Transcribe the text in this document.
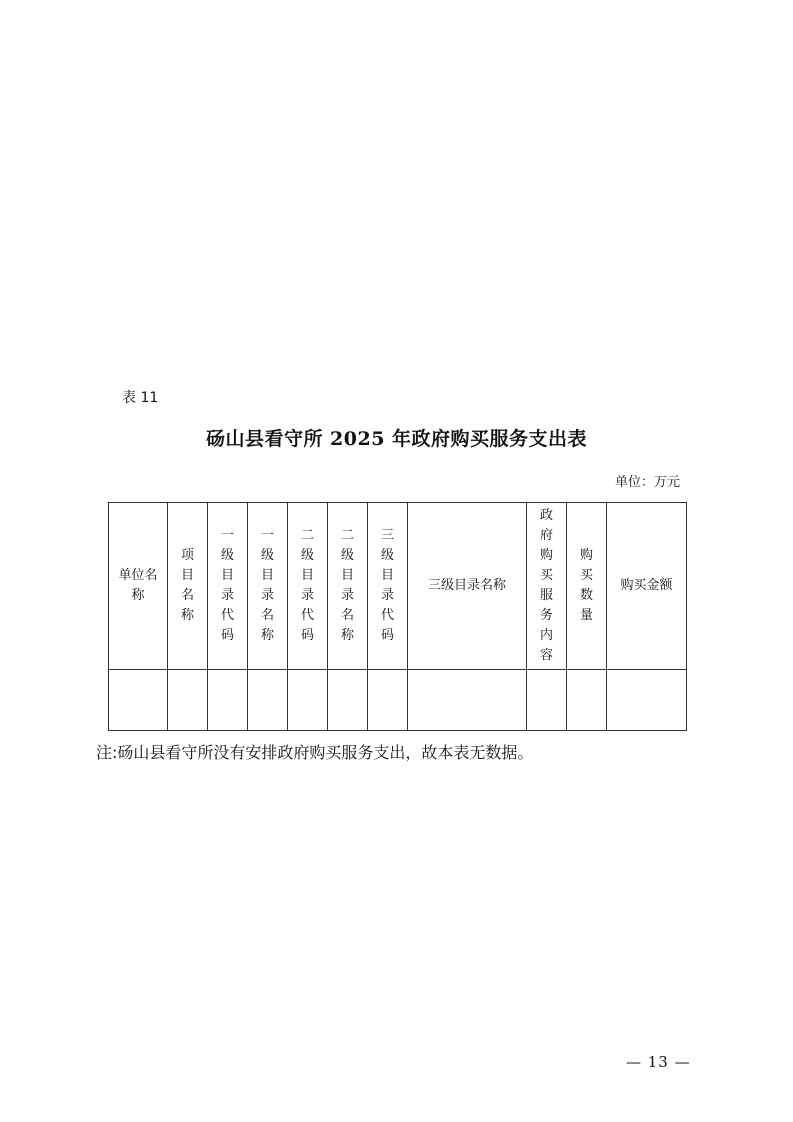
表 11
砀山县看守所 2025 年政府购买服务支出表
单位：万元
单位名称	项目名称	一级目录代码	一级目录名称	二级目录代码	二级目录名称	三级目录代码	三级目录名称	政府购买服务内容	购买数量	购买金额

注:砀山县看守所没有安排政府购买服务支出，故本表无数据。
— 13 —
